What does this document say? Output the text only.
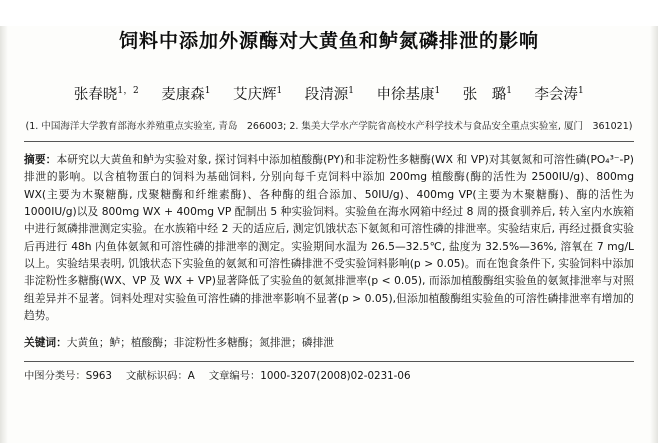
饲料中添加外源酶对大黄鱼和鲈氮磷排泄的影响
张春晓$^{1,2}$ 麦康森$^1$ 艾庆辉$^1$ 段清源$^1$ 申徐基康$^1$ 张　璐$^1$ 李会涛$^1$
(1. 中国海洋大学教育部海水养殖重点实验室, 青岛　266003; 2. 集美大学水产学院省高校水产科学技术与食品安全重点实验室, 厦门　361021)

摘要：本研究以大黄鱼和鲈为实验对象, 探讨饲料中添加植酸酶(PY)和非淀粉性多糖酶(WX 和 VP)对其氨氮和可溶性磷(PO₄³⁻-P)排泄的影响。以含植物蛋白的饲料为基础饲料, 分别向每千克饲料中添加 200mg 植酸酶(酶的活性为 2500IU/g)、800mg WX(主要为木聚糖酶, 戊聚糖酶和纤维素酶)、各种酶的组合添加、50IU/g)、400mg VP(主要为木聚糖酶)、酶的活性为 1000IU/g)以及 800mg WX + 400mg VP 配制出 5 种实验饲料。实验鱼在海水网箱中经过 8 周的摄食驯养后, 转入室内水族箱中进行氮磷排泄测定实验。在水族箱中经 2 天的适应后, 测定饥饿状态下氨氮和可溶性磷的排泄率。实验结束后, 再经过摄食实验后再进行 48h 内鱼体氨氮和可溶性磷的排泄率的测定。实验期间水温为 26.5—32.5℃, 盐度为 32.5%—36%, 溶氧在 7 mg/L 以上。实验结果表明, 饥饿状态下实验鱼的氨氮和可溶性磷排泄不受实验饲料影响(p > 0.05)。而在饱食条件下, 实验饲料中添加非淀粉性多糖酶(WX、VP 及 WX + VP)显著降低了实验鱼的氨氮排泄率(p < 0.05), 而添加植酸酶组实验鱼的氨氮排泄率与对照组差异并不显著。饲料处理对实验鱼可溶性磷的排泄率影响不显著(p > 0.05),但添加植酸酶组实验鱼的可溶性磷排泄率有增加的趋势。

关键词：大黄鱼；鲈；植酸酶；非淀粉性多糖酶；氮排泄；磷排泄

中图分类号：S963 文献标识码：A 文章编号：1000-3207(2008)02-0231-06
